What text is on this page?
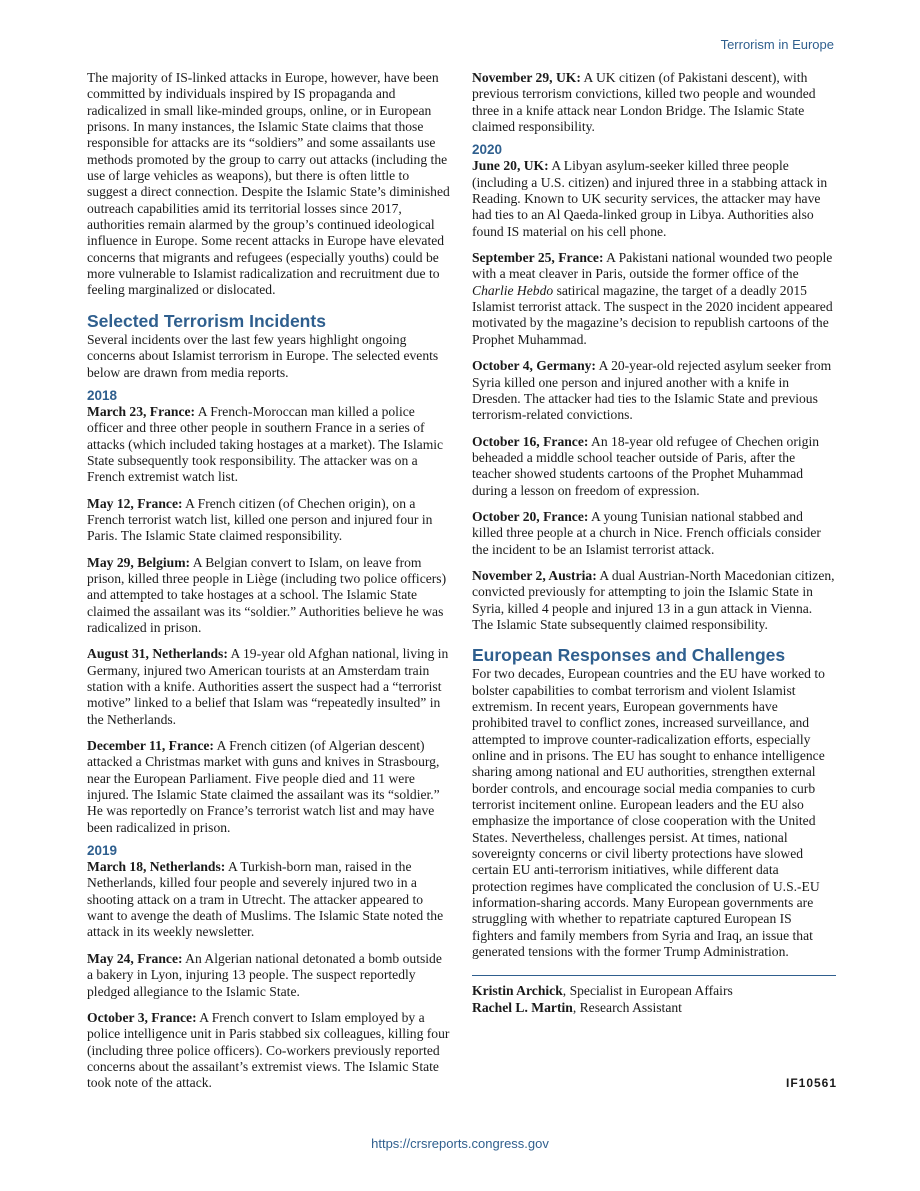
Terrorism in Europe

The majority of IS-linked attacks in Europe, however, have been committed by individuals inspired by IS propaganda and radicalized in small like-minded groups, online, or in European prisons. In many instances, the Islamic State claims that those responsible for attacks are its “soldiers” and some assailants use methods promoted by the group to carry out attacks (including the use of large vehicles as weapons), but there is often little to suggest a direct connection. Despite the Islamic State’s diminished outreach capabilities amid its territorial losses since 2017, authorities remain alarmed by the group’s continued ideological influence in Europe. Some recent attacks in Europe have elevated concerns that migrants and refugees (especially youths) could be more vulnerable to Islamist radicalization and recruitment due to feeling marginalized or dislocated.

Selected Terrorism Incidents

Several incidents over the last few years highlight ongoing concerns about Islamist terrorism in Europe. The selected events below are drawn from media reports.

2018

March 23, France: A French-Moroccan man killed a police officer and three other people in southern France in a series of attacks (which included taking hostages at a market). The Islamic State subsequently took responsibility. The attacker was on a French extremist watch list.

May 12, France: A French citizen (of Chechen origin), on a French terrorist watch list, killed one person and injured four in Paris. The Islamic State claimed responsibility.

May 29, Belgium: A Belgian convert to Islam, on leave from prison, killed three people in Liège (including two police officers) and attempted to take hostages at a school. The Islamic State claimed the assailant was its “soldier.” Authorities believe he was radicalized in prison.

August 31, Netherlands: A 19-year old Afghan national, living in Germany, injured two American tourists at an Amsterdam train station with a knife. Authorities assert the suspect had a “terrorist motive” linked to a belief that Islam was “repeatedly insulted” in the Netherlands.

December 11, France: A French citizen (of Algerian descent) attacked a Christmas market with guns and knives in Strasbourg, near the European Parliament. Five people died and 11 were injured. The Islamic State claimed the assailant was its “soldier.” He was reportedly on France’s terrorist watch list and may have been radicalized in prison.

2019

March 18, Netherlands: A Turkish-born man, raised in the Netherlands, killed four people and severely injured two in a shooting attack on a tram in Utrecht. The attacker appeared to want to avenge the death of Muslims. The Islamic State noted the attack in its weekly newsletter.

May 24, France: An Algerian national detonated a bomb outside a bakery in Lyon, injuring 13 people. The suspect reportedly pledged allegiance to the Islamic State.

October 3, France: A French convert to Islam employed by a police intelligence unit in Paris stabbed six colleagues, killing four (including three police officers). Co-workers previously reported concerns about the assailant’s extremist views. The Islamic State took note of the attack.

November 29, UK: A UK citizen (of Pakistani descent), with previous terrorism convictions, killed two people and wounded three in a knife attack near London Bridge. The Islamic State claimed responsibility.

2020

June 20, UK: A Libyan asylum-seeker killed three people (including a U.S. citizen) and injured three in a stabbing attack in Reading. Known to UK security services, the attacker may have had ties to an Al Qaeda-linked group in Libya. Authorities also found IS material on his cell phone.

September 25, France: A Pakistani national wounded two people with a meat cleaver in Paris, outside the former office of the Charlie Hebdo satirical magazine, the target of a deadly 2015 Islamist terrorist attack. The suspect in the 2020 incident appeared motivated by the magazine’s decision to republish cartoons of the Prophet Muhammad.

October 4, Germany: A 20-year-old rejected asylum seeker from Syria killed one person and injured another with a knife in Dresden. The attacker had ties to the Islamic State and previous terrorism-related convictions.

October 16, France: An 18-year old refugee of Chechen origin beheaded a middle school teacher outside of Paris, after the teacher showed students cartoons of the Prophet Muhammad during a lesson on freedom of expression.

October 20, France: A young Tunisian national stabbed and killed three people at a church in Nice. French officials consider the incident to be an Islamist terrorist attack.

November 2, Austria: A dual Austrian-North Macedonian citizen, convicted previously for attempting to join the Islamic State in Syria, killed 4 people and injured 13 in a gun attack in Vienna. The Islamic State subsequently claimed responsibility.

European Responses and Challenges

For two decades, European countries and the EU have worked to bolster capabilities to combat terrorism and violent Islamist extremism. In recent years, European governments have prohibited travel to conflict zones, increased surveillance, and attempted to improve counter-radicalization efforts, especially online and in prisons. The EU has sought to enhance intelligence sharing among national and EU authorities, strengthen external border controls, and encourage social media companies to curb terrorist incitement online. European leaders and the EU also emphasize the importance of close cooperation with the United States. Nevertheless, challenges persist. At times, national sovereignty concerns or civil liberty protections have slowed certain EU anti-terrorism initiatives, while different data protection regimes have complicated the conclusion of U.S.-EU information-sharing accords. Many European governments are struggling with whether to repatriate captured European IS fighters and family members from Syria and Iraq, an issue that generated tensions with the former Trump Administration.

Kristin Archick, Specialist in European Affairs

Rachel L. Martin, Research Assistant

IF10561
https://crsreports.congress.gov
